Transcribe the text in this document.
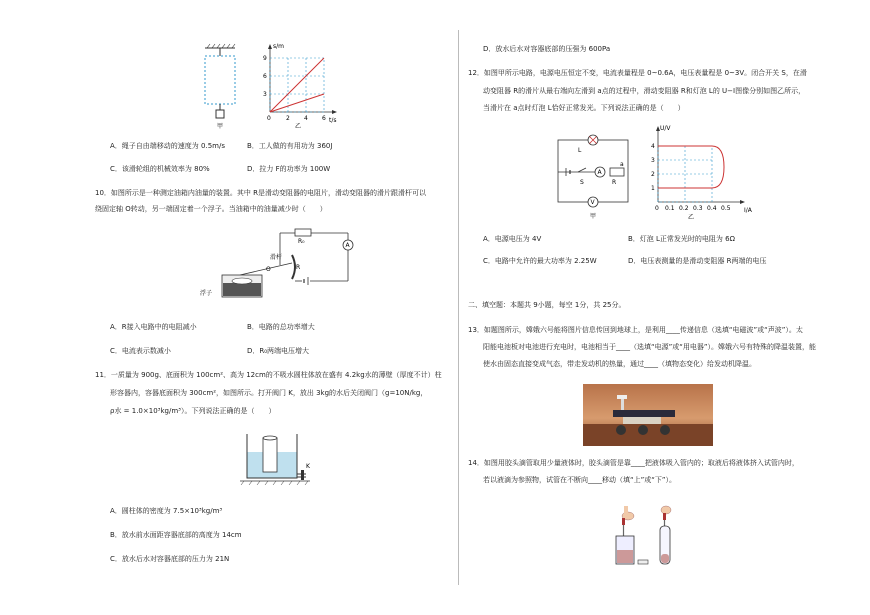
甲
s/m
t/s
9
6
3
0	2 4 6
乙
A．绳子自由端移动的速度为 0.5m/s	B．工人做的有用功为 360J
C．该滑轮组的机械效率为 80%	D．拉力 F的功率为 100W
10．如图所示是一种测定油箱内油量的装置。其中 R是滑动变阻器的电阻片，滑动变阻器的滑片跟滑杆可以
绕固定轴 O转动，另一端固定着一个浮子。当油箱中的油量减少时（　　）
R₀
A
R
滑杆
O
浮子
A．R接入电路中的电阻减小	B．电路的总功率增大
C．电流表示数减小	D．R₀两端电压增大
11．一质量为 900g、底面积为 100cm²、高为 12cm的不吸水圆柱体放在盛有 4.2kg水的薄壁（厚度不计）柱
形容器内，容器底面积为 300cm²，如图所示。打开阀门 K，放出 3kg的水后关闭阀门（g=10N/kg，
ρ水 = 1.0×10³kg/m³）。下列说法正确的是（　　）
K
A．圆柱体的密度为 7.5×10³kg/m³
B．放水前水面距容器底部的高度为 14cm
C．放水后水对容器底部的压力为 21N
D．放水后水对容器底部的压强为 600Pa
12．如图甲所示电路，电源电压恒定不变，电流表量程是 0~0.6A，电压表量程是 0~3V。闭合开关 S，在滑
动变阻器 R的滑片从最右端向左滑到 a点的过程中，滑动变阻器 R和灯泡 L的 U−I图像分别如图乙所示，
当滑片在 a点时灯泡 L恰好正常发光。下列说法正确的是（　　）
L
A
a
R
S
V
甲
U/V
I/A
4
3
2
1
0 0.1 0.2 0.3 0.4 0.5
乙
A．电源电压为 4V	B．灯泡 L正常发光时的电阻为 6Ω
C．电路中允许的最大功率为 2.25W	D．电压表测量的是滑动变阻器 R两端的电压
二、填空题：本题共 9小题，每空 1分，共 25分。
13．如题图所示，嫦娥六号能将图片信息传回到地球上，是利用____传递信息（选填“电磁波”或“声波”）。太
阳能电池板对电池进行充电时，电池相当于____（选填“电源”或“用电器”）。嫦娥六号有特殊的降温装置，能
使水由固态直接变成气态，带走发动机的热量，通过____（填物态变化）给发动机降温。
14．如图用胶头滴管取用少量液体时，胶头滴管是靠____把液体吸入管内的；取液后将液体挤入试管内时，
若以液滴为参照物，试管在不断向____移动（填“上”或“下”）。
